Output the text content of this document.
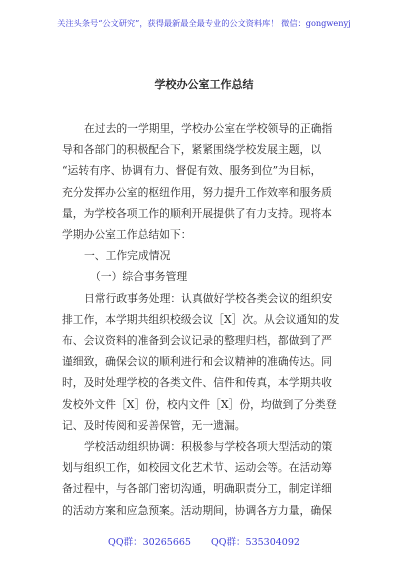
关注头条号“公文研究”，获得最新最全最专业的公文资料库！ 微信：gongwenyj
学校办公室工作总结

在过去的一学期里，学校办公室在学校领导的正确指

导和各部门的积极配合下，紧紧围绕学校发展主题，以

“运转有序、协调有力、督促有效、服务到位”为目标，

充分发挥办公室的枢纽作用，努力提升工作效率和服务质

量，为学校各项工作的顺利开展提供了有力支持。现将本

学期办公室工作总结如下：

一、工作完成情况

（一）综合事务管理

日常行政事务处理：认真做好学校各类会议的组织安

排工作，本学期共组织校级会议［X］次。从会议通知的发

布、会议资料的准备到会议记录的整理归档，都做到了严

谨细致，确保会议的顺利进行和会议精神的准确传达。同

时，及时处理学校的各类文件、信件和传真，本学期共收

发校外文件［X］份，校内文件［X］份，均做到了分类登

记、及时传阅和妥善保管，无一遗漏。

学校活动组织协调：积极参与学校各项大型活动的策

划与组织工作，如校园文化艺术节、运动会等。在活动筹

备过程中，与各部门密切沟通，明确职责分工，制定详细

的活动方案和应急预案。活动期间，协调各方力量，确保

QQ群：30265665 QQ群：535304092
